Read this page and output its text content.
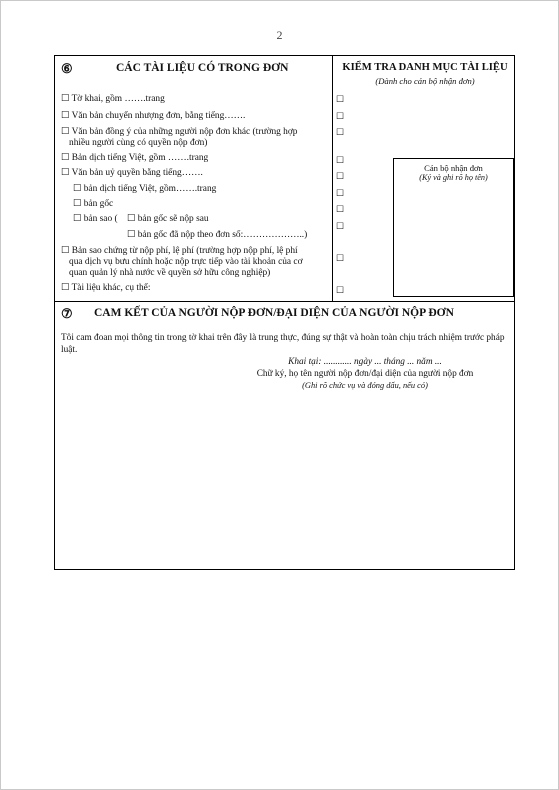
2
⑥	CÁC TÀI LIỆU CÓ TRONG ĐƠN
☐ Tờ khai, gồm …….trang
☐ Văn bản chuyển nhượng đơn, bằng tiếng…….
☐ Văn bản đồng ý của những người nộp đơn khác (trường hợp
nhiều người cùng có quyền nộp đơn)
☐ Bản dịch tiếng Việt, gồm …….trang
☐ Văn bản uỷ quyền bằng tiếng…….
☐ bản dịch tiếng Việt, gồm…….trang
☐ bản gốc
☐ bản sao ( ☐ bản gốc sẽ nộp sau
☐ bản gốc đã nộp theo đơn số:………………..)
☐ Bản sao chứng từ nộp phí, lệ phí (trường hợp nộp phí, lệ phí
qua dịch vụ bưu chính hoặc nộp trực tiếp vào tài khoản của cơ
quan quản lý nhà nước về quyền sở hữu công nghiệp)
☐ Tài liệu khác, cụ thể:
KIỂM TRA DANH MỤC TÀI LIỆU
(Dành cho cán bộ nhận đơn)
☐
☐
☐
☐
☐
☐
☐
☐
☐
☐
Cán bộ nhận đơn
(Ký và ghi rõ họ tên)
⑦ CAM KẾT CỦA NGƯỜI NỘP ĐƠN/ĐẠI DIỆN CỦA NGƯỜI NỘP ĐƠN
Tôi cam đoan mọi thông tin trong tờ khai trên đây là trung thực, đúng sự thật và hoàn toàn chịu trách nhiệm trước pháp luật.
Khai tại: ............ ngày ... tháng ... năm ...
Chữ ký, họ tên người nộp đơn/đại diện của người nộp đơn
(Ghi rõ chức vụ và đóng dấu, nếu có)
